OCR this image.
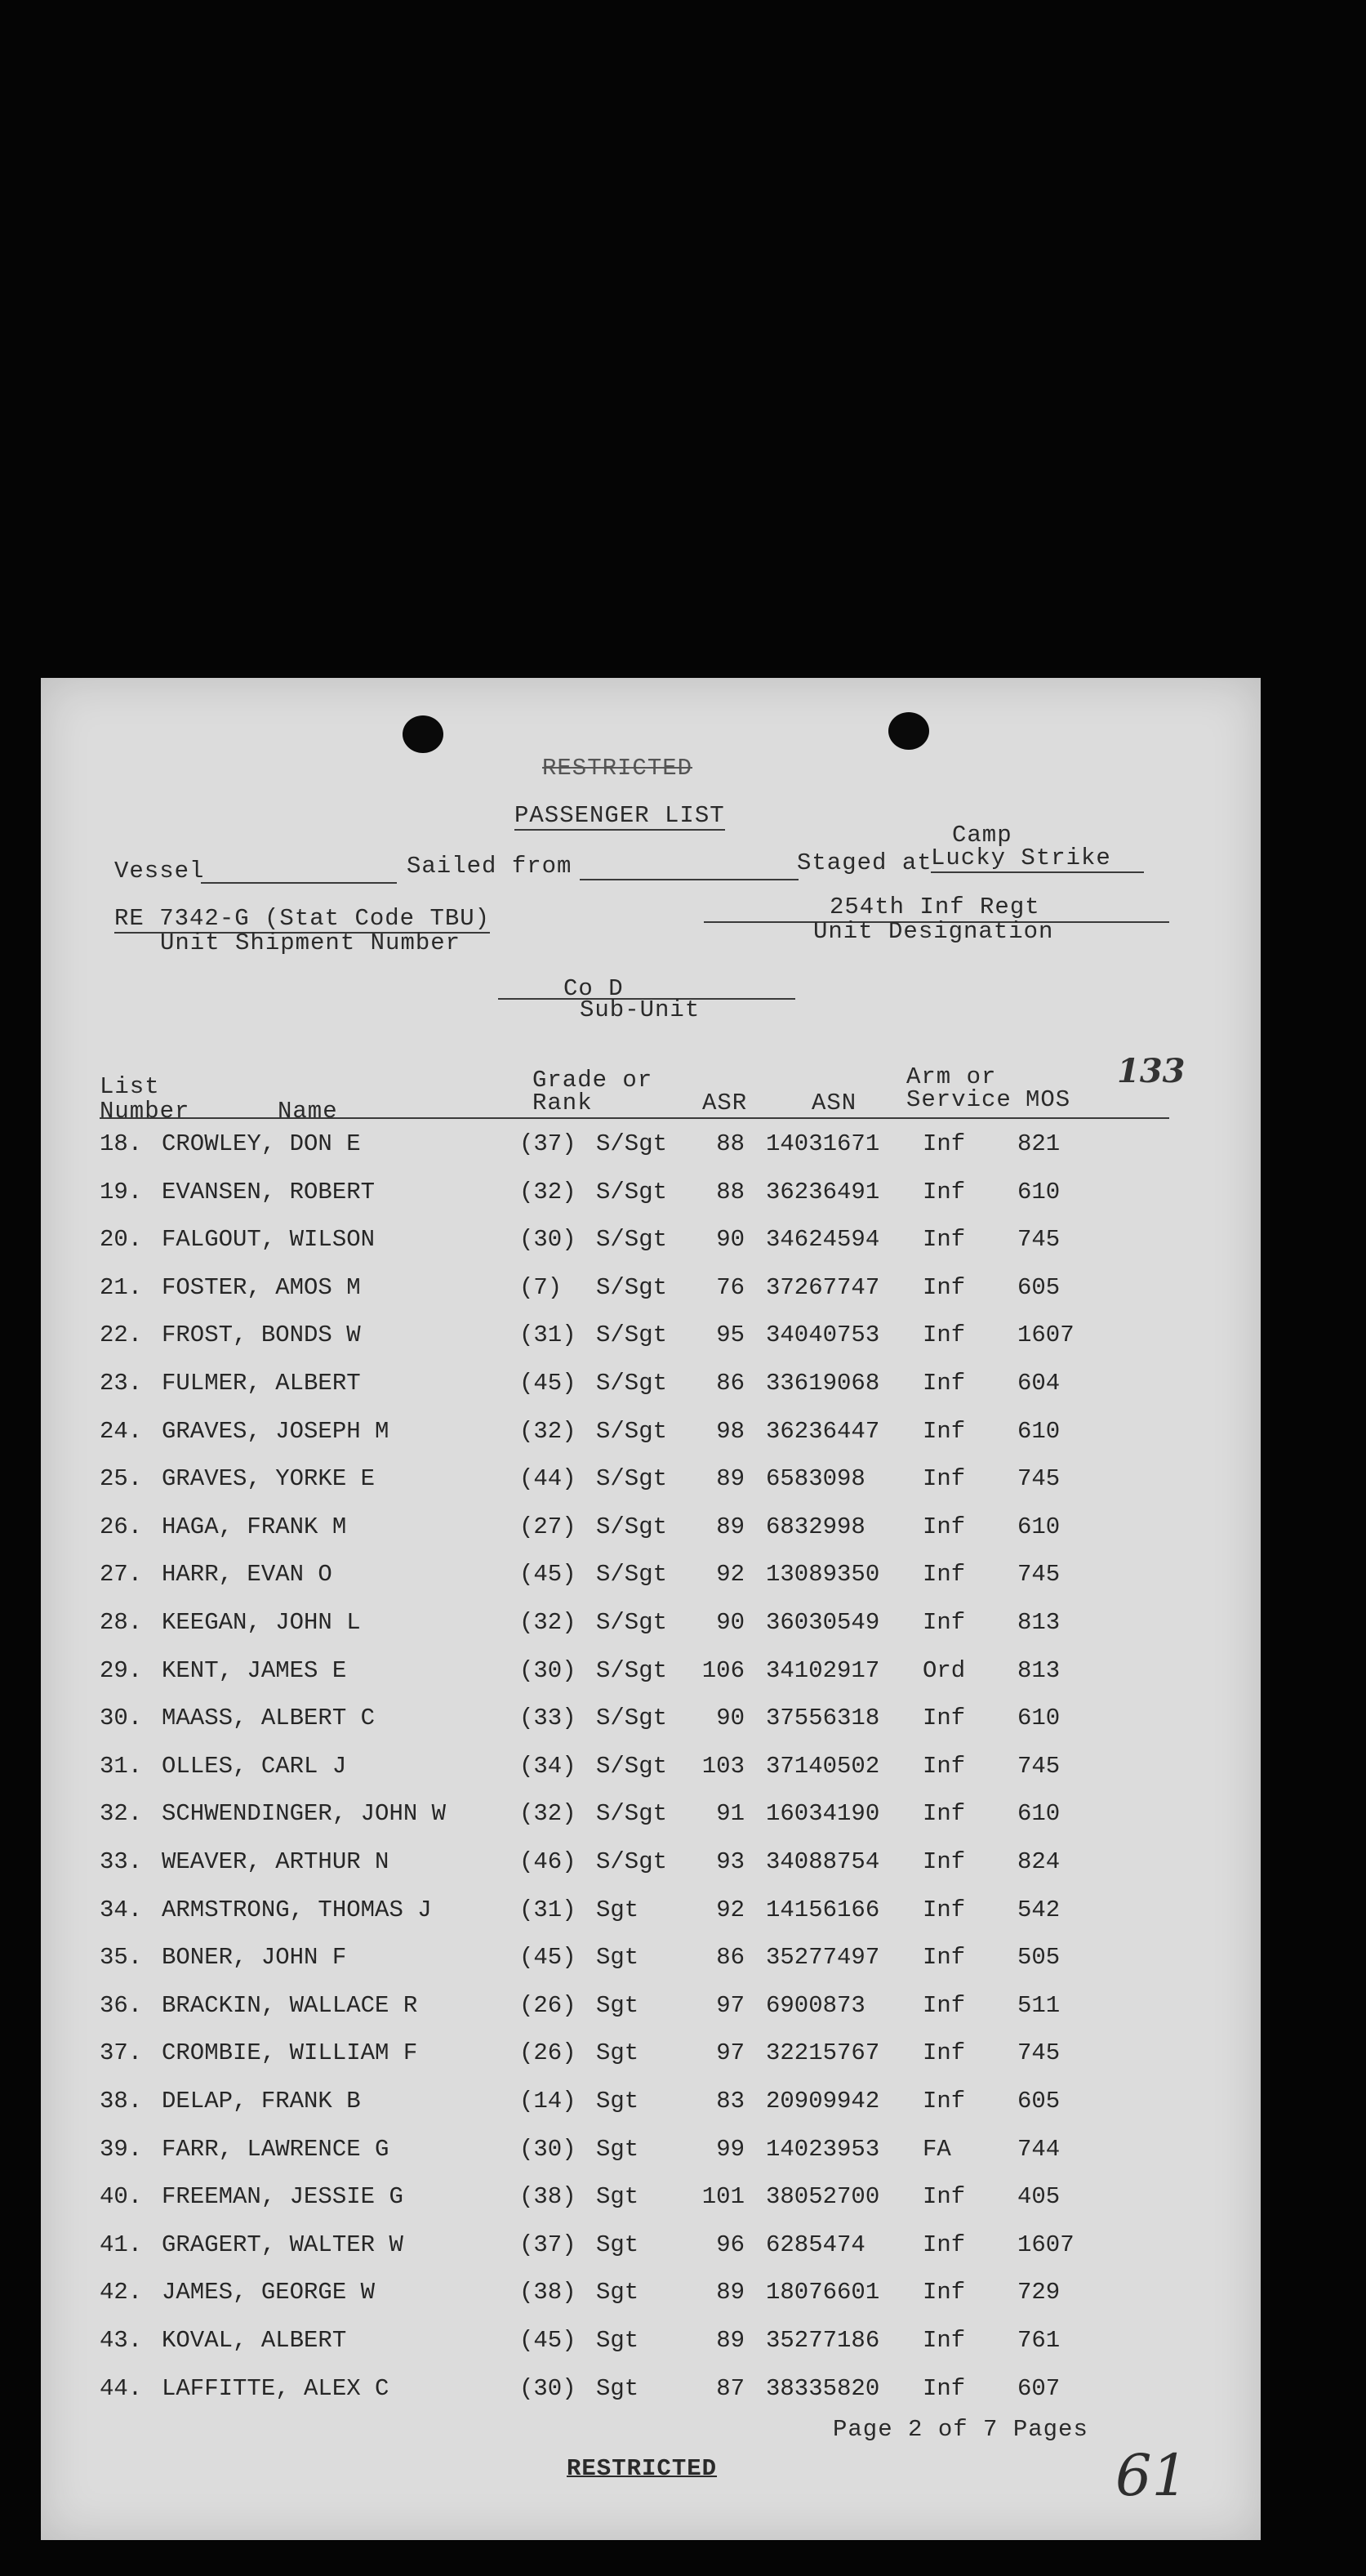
RESTRICTED
PASSENGER LIST
Vessel	Sailed from
Camp
Staged at
Lucky Strike
RE 7342-G (Stat Code TBU)
Unit Shipment Number
254th Inf Regt
Unit Designation
Co D
Sub-Unit
133
List
Number	Name
Grade or
Rank	ASR	ASN
Arm or
Service MOS
18. CROWLEY, DON E	(37) S/Sgt	88 14031671 Inf 821
19. EVANSEN, ROBERT	(32) S/Sgt	88 36236491 Inf 610
20. FALGOUT, WILSON	(30) S/Sgt	90 34624594 Inf 745
21. FOSTER, AMOS M	(7) S/Sgt	76 37267747 Inf 605
22. FROST, BONDS W	(31) S/Sgt	95 34040753 Inf 1607
23. FULMER, ALBERT	(45) S/Sgt	86 33619068 Inf 604
24. GRAVES, JOSEPH M	(32) S/Sgt	98 36236447 Inf 610
25. GRAVES, YORKE E	(44) S/Sgt	89 6583098 Inf 745
26. HAGA, FRANK M	(27) S/Sgt	89 6832998 Inf 610
27. HARR, EVAN O	(45) S/Sgt	92 13089350 Inf 745
28. KEEGAN, JOHN L	(32) S/Sgt	90 36030549 Inf 813
29. KENT, JAMES E	(30) S/Sgt 106 34102917 Ord 813
30. MAASS, ALBERT C	(33) S/Sgt	90 37556318 Inf 610
31. OLLES, CARL J	(34) S/Sgt 103 37140502 Inf 745
32. SCHWENDINGER, JOHN W	(32) S/Sgt	91 16034190 Inf 610
33. WEAVER, ARTHUR N	(46) S/Sgt	93 34088754 Inf 824
34. ARMSTRONG, THOMAS J	(31) Sgt	92 14156166 Inf 542
35. BONER, JOHN F	(45) Sgt	86 35277497 Inf 505
36. BRACKIN, WALLACE R	(26) Sgt	97 6900873 Inf 511
37. CROMBIE, WILLIAM F	(26) Sgt	97 32215767 Inf 745
38. DELAP, FRANK B	(14) Sgt	83 20909942 Inf 605
39. FARR, LAWRENCE G	(30) Sgt	99 14023953 FA	744
40. FREEMAN, JESSIE G	(38) Sgt	101 38052700 Inf 405
41. GRAGERT, WALTER W	(37) Sgt	96 6285474 Inf 1607
42. JAMES, GEORGE W	(38) Sgt	89 18076601 Inf 729
43. KOVAL, ALBERT	(45) Sgt	89 35277186 Inf 761
44. LAFFITTE, ALEX C	(30) Sgt	87 38335820 Inf 607
Page 2 of 7 Pages
RESTRICTED	61
